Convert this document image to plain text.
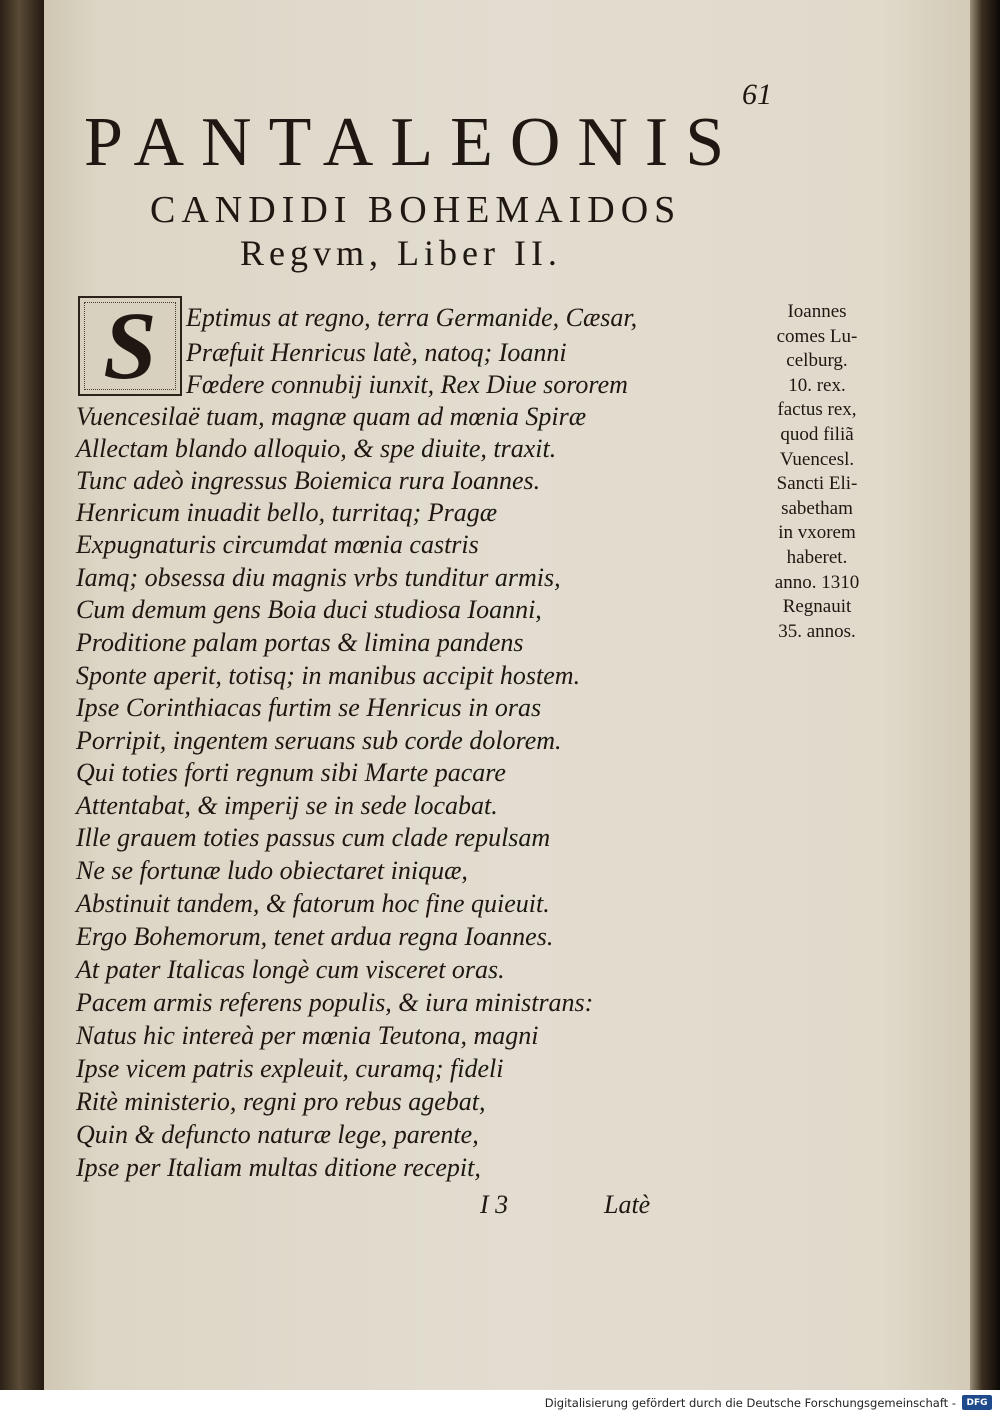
61
PANTALEONIS
CANDIDI BOHEMAIDOS
Regvm, Liber II.
S	Eptimus at regno, terra Germanide, Cæsar,
Præfuit Henricus latè, natoq; Ioanni
Fœdere connubij iunxit, Rex Diue sororem
Vuencesilaë tuam, magnæ quam ad mœnia Spiræ
Allectam blando alloquio, & spe diuite, traxit.
Tunc adeò ingressus Boiemica rura Ioannes.
Henricum inuadit bello, turritaq; Pragæ
Expugnaturis circumdat mœnia castris
Iamq; obsessa diu magnis vrbs tunditur armis,
Cum demum gens Boia duci studiosa Ioanni,
Proditione palam portas & limina pandens
Sponte aperit, totisq; in manibus accipit hostem.
Ipse Corinthiacas furtim se Henricus in oras
Porripit, ingentem seruans sub corde dolorem.
Qui toties forti regnum sibi Marte pacare
Attentabat, & imperij se in sede locabat.
Ille grauem toties passus cum clade repulsam
Ne se fortunæ ludo obiectaret iniquæ,
Abstinuit tandem, & fatorum hoc fine quieuit.
Ergo Bohemorum, tenet ardua regna Ioannes.
At pater Italicas longè cum visceret oras.
Pacem armis referens populis, & iura ministrans:
Natus hic intereà per mœnia Teutona, magni
Ipse vicem patris expleuit, curamq; fideli
Ritè ministerio, regni pro rebus agebat,
Quin & defuncto naturæ lege, parente,
Ipse per Italiam multas ditione recepit,
Ioannes
comes Lu-
celburg.
10. rex.
factus rex,
quod filiã
Vuencesl.
Sancti Eli-
sabetham
in vxorem
haberet.
anno. 1310
Regnauit
35. annos.
I 3	Latè
Digitalisierung gefördert durch die Deutsche Forschungsgemeinschaft -	DFG
